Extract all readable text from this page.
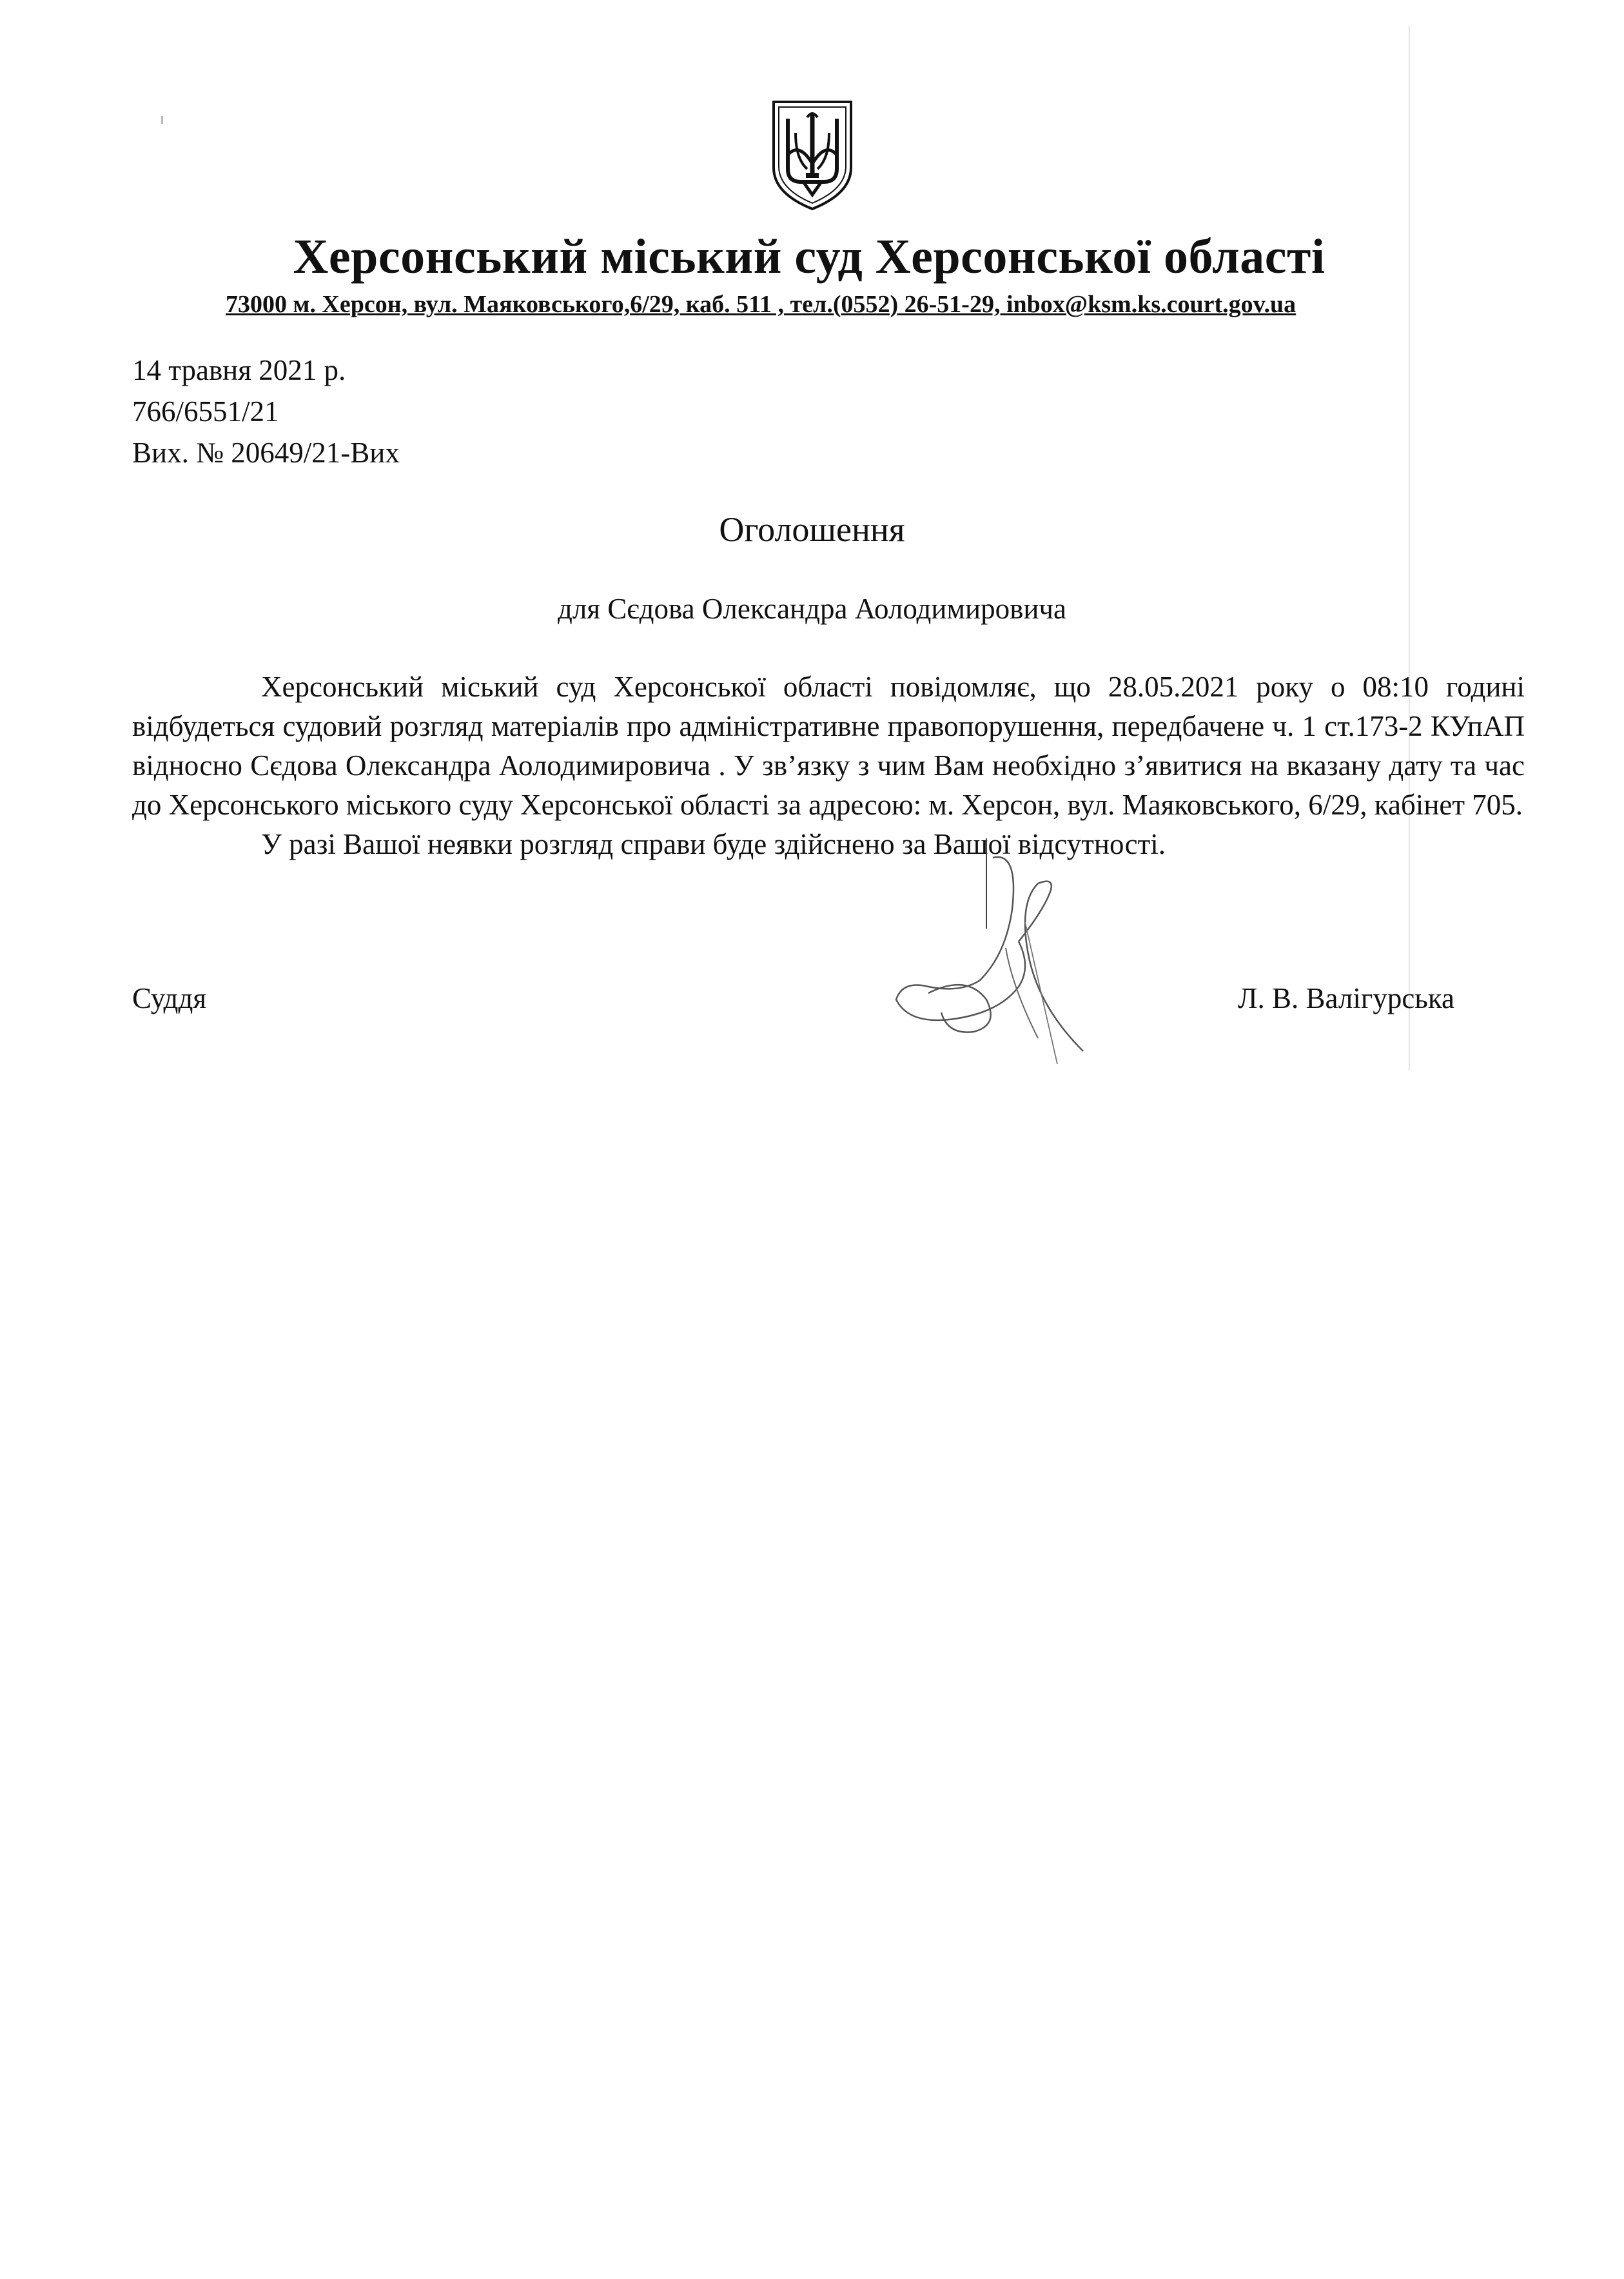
Херсонський міський суд Херсонської області
73000 м. Херсон, вул. Маяковського,6/29, каб. 511 , тел.(0552) 26-51-29, inbox@ksm.ks.court.gov.ua
14 травня 2021 р.
766/6551/21
Вих. № 20649/21-Вих
Оголошення
для Сєдова Олександра Аолодимировича

Херсонський міський суд Херсонської області повідомляє, що 28.05.2021 року о 08:10 годині відбудеться судовий розгляд матеріалів про адміністративне правопорушення, передбачене ч. 1 ст.173-2 КУпАП відносно Сєдова Олександра Аолодимировича . У зв’язку з чим Вам необхідно з’явитися на вказану дату та час до Херсонського міського суду Херсонської області за адресою: м. Херсон, вул. Маяковського, 6/29, кабінет 705.

У разі Вашої неявки розгляд справи буде здійснено за Вашої відсутності.

Суддя	Л. В. Валігурська
